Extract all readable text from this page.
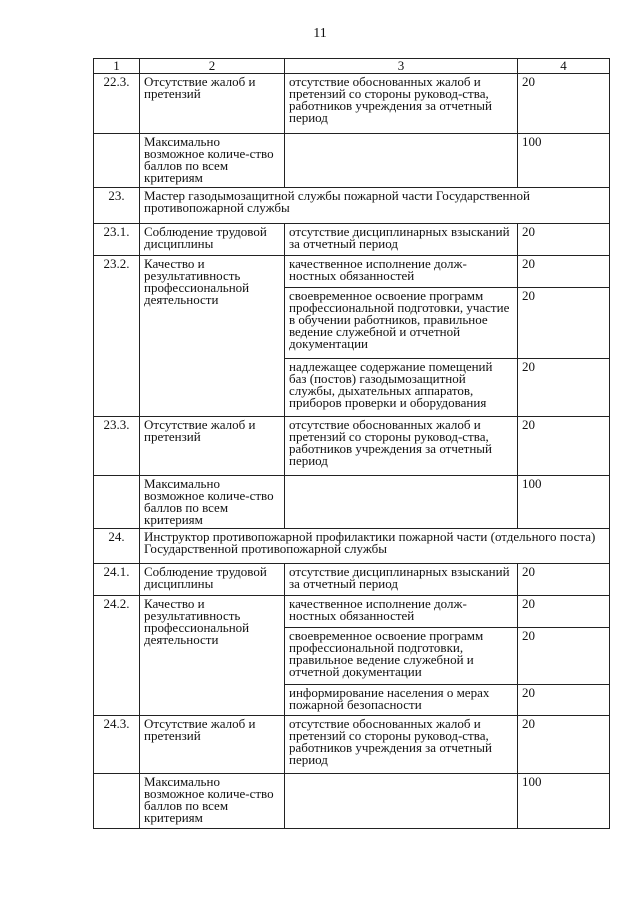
11
1	2	3	4
22.3.	Отсутствие жалоб и претензий	отсутствие обоснованных жалоб и претензий со стороны руковод-ства, работников учреждения за отчетный период	20
	Максимально возможное количе-ство баллов по всем критериям		100
23.	Мастер газодымозащитной службы пожарной части Государственной противопожарной службы		
23.1.	Соблюдение трудовой дисциплины	отсутствие дисциплинарных взысканий за отчетный период	20
23.2.	Качество и результативность профессиональной деятельности	качественное исполнение долж-ностных обязанностей	20
		своевременное освоение программ профессиональной подготовки, участие в обучении работников, правильное ведение служебной и отчетной документации	20
		надлежащее содержание помещений баз (постов) газодымозащитной службы, дыхательных аппаратов, приборов проверки и оборудования	20
23.3.	Отсутствие жалоб и претензий	отсутствие обоснованных жалоб и претензий со стороны руковод-ства, работников учреждения за отчетный период	20
	Максимально возможное количе-ство баллов по всем критериям		100
24.	Инструктор противопожарной профилактики пожарной части (отдельного поста) Государственной противопожарной службы		
24.1.	Соблюдение трудовой дисциплины	отсутствие дисциплинарных взысканий за отчетный период	20
24.2.	Качество и результативность профессиональной деятельности	качественное исполнение долж-ностных обязанностей	20
		своевременное освоение программ профессиональной подготовки, правильное ведение служебной и отчетной документации	20
		информирование населения о мерах пожарной безопасности	20
24.3.	Отсутствие жалоб и претензий	отсутствие обоснованных жалоб и претензий со стороны руковод-ства, работников учреждения за отчетный период	20
	Максимально возможное количе-ство баллов по всем критериям		100
